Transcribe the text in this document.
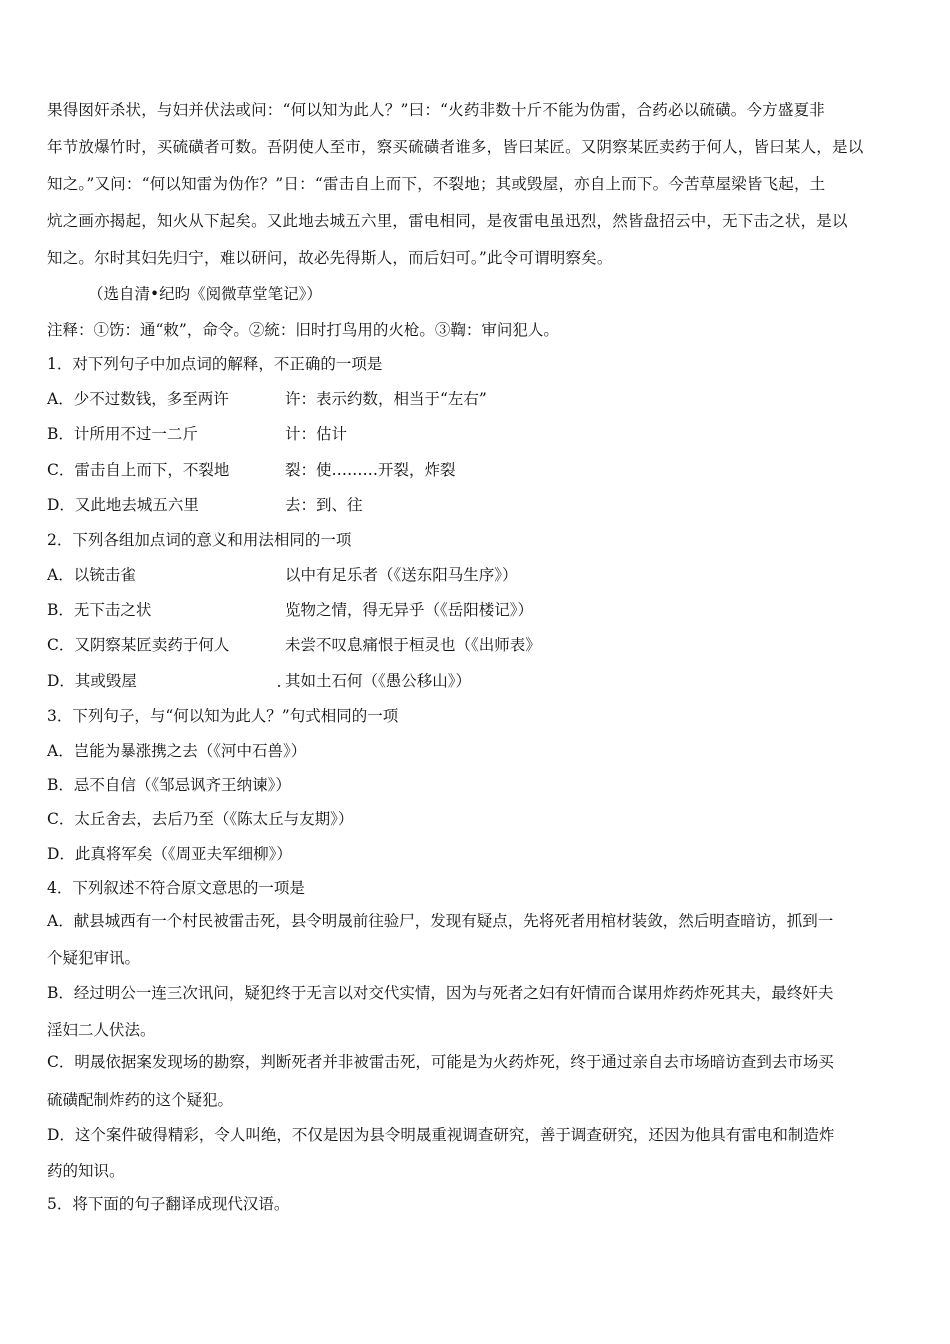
果得囡奸杀状，与妇并伏法或问：“何以知为此人？”曰：“火药非数十斤不能为伪雷，合药必以硫磺。今方盛夏非

年节放爆竹时，买硫磺者可数。吾阴使人至市，察买硫磺者谁多，皆曰某匠。又阴察某匠卖药于何人，皆曰某人，是以

知之。”又问：“何以知雷为伪作？”日：“雷击自上而下，不裂地；其或毁屋，亦自上而下。今苦草屋梁皆飞起，土

炕之画亦揭起，知火从下起矣。又此地去城五六里，雷电相同，是夜雷电虽迅烈，然皆盘招云中，无下击之状，是以

知之。尔时其妇先归宁，难以研问，故必先得斯人，而后妇可。”此令可谓明察矣。

（选自清•纪昀《阅微草堂笔记》）
注释：①饬：通“敕”，命令。②統：旧时打鸟用的火枪。③鞫：审问犯人。
1．对下列句子中加点词的解释，不正确的一项是
A．少不过数钱，多至两许	许：表示约数，相当于“左右”
B．计所用不过一二斤	计：估计
C．雷击自上而下，不裂地	裂：使………开裂，炸裂
D．又此地去城五六里	去：到、往
2．下列各组加点词的意义和用法相同的一项
A．以铳击雀	以中有足乐者（《送东阳马生序》）
B．无下击之状	览物之情，得无异乎（《岳阳楼记》）
C．又阴察某匠卖药于何人	未尝不叹息痛恨于桓灵也（《出师表》
D．其或毁屋	其如土石何（《愚公移山》）
3．下列句子，与“何以知为此人？”句式相同的一项
A．岂能为暴涨携之去（《河中石兽》）
B．忌不自信（《邹忌讽齐王纳谏》）
C．太丘舍去，去后乃至（《陈太丘与友期》）
D．此真将军矣（《周亚夫军细柳》）
4．下列叙述不符合原文意思的一项是
A．献县城西有一个村民被雷击死，县令明晟前往验尸，发现有疑点，先将死者用棺材装敛，然后明查暗访，抓到一
个疑犯审讯。
B．经过明公一连三次讯问，疑犯终于无言以对交代实情，因为与死者之妇有奸情而合谋用炸药炸死其夫，最终奸夫
淫妇二人伏法。
C．明晟依据案发现场的勘察，判断死者并非被雷击死，可能是为火药炸死，终于通过亲自去市场暗访查到去市场买
硫磺配制炸药的这个疑犯。
D．这个案件破得精彩，令人叫绝，不仅是因为县令明晟重视调查研究，善于调查研究，还因为他具有雷电和制造炸
药的知识。
5．将下面的句子翻译成现代汉语。
